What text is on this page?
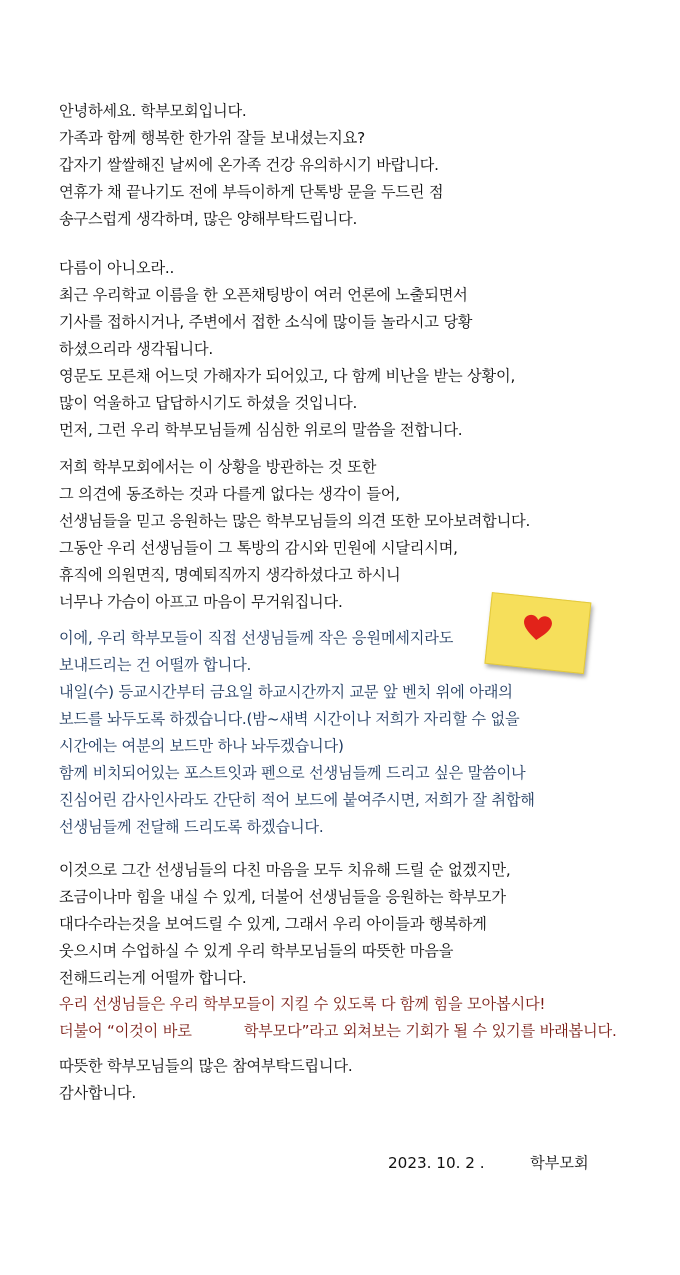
안녕하세요. 학부모회입니다.
가족과 함께 행복한 한가위 잘들 보내셨는지요?
갑자기 쌀쌀해진 날씨에 온가족 건강 유의하시기 바랍니다.
연휴가 채 끝나기도 전에 부득이하게 단톡방 문을 두드린 점
송구스럽게 생각하며, 많은 양해부탁드립니다.
다름이 아니오라..
최근 우리학교 이름을 한 오픈채팅방이 여러 언론에 노출되면서
기사를 접하시거나, 주변에서 접한 소식에 많이들 놀라시고 당황
하셨으리라 생각됩니다.
영문도 모른채 어느덧 가해자가 되어있고, 다 함께 비난을 받는 상황이,
많이 억울하고 답답하시기도 하셨을 것입니다.
먼저, 그런 우리 학부모님들께 심심한 위로의 말씀을 전합니다.
저희 학부모회에서는 이 상황을 방관하는 것 또한
그 의견에 동조하는 것과 다를게 없다는 생각이 들어,
선생님들을 믿고 응원하는 많은 학부모님들의 의견 또한 모아보려합니다.
그동안 우리 선생님들이 그 톡방의 감시와 민원에 시달리시며,
휴직에 의원면직, 명예퇴직까지 생각하셨다고 하시니
너무나 가슴이 아프고 마음이 무거워집니다.
이에, 우리 학부모들이 직접 선생님들께 작은 응원메세지라도
보내드리는 건 어떨까 합니다.
내일(수) 등교시간부터 금요일 하교시간까지 교문 앞 벤치 위에 아래의
보드를 놔두도록 하겠습니다.(밤~새벽 시간이나 저희가 자리할 수 없을
시간에는 여분의 보드만 하나 놔두겠습니다)
함께 비치되어있는 포스트잇과 펜으로 선생님들께 드리고 싶은 말씀이나
진심어린 감사인사라도 간단히 적어 보드에 붙여주시면, 저희가 잘 취합해
선생님들께 전달해 드리도록 하겠습니다.
이것으로 그간 선생님들의 다친 마음을 모두 치유해 드릴 순 없겠지만,
조금이나마 힘을 내실 수 있게, 더불어 선생님들을 응원하는 학부모가
대다수라는것을 보여드릴 수 있게, 그래서 우리 아이들과 행복하게
웃으시며 수업하실 수 있게 우리 학부모님들의 따뜻한 마음을
전해드리는게 어떨까 합니다.
우리 선생님들은 우리 학부모들이 지킬 수 있도록 다 함께 힘을 모아봅시다!
더불어 “이것이 바로	학부모다”라고 외쳐보는 기회가 될 수 있기를 바래봅니다.
따뜻한 학부모님들의 많은 참여부탁드립니다.
감사합니다.
2023. 10. 2 .	학부모회
